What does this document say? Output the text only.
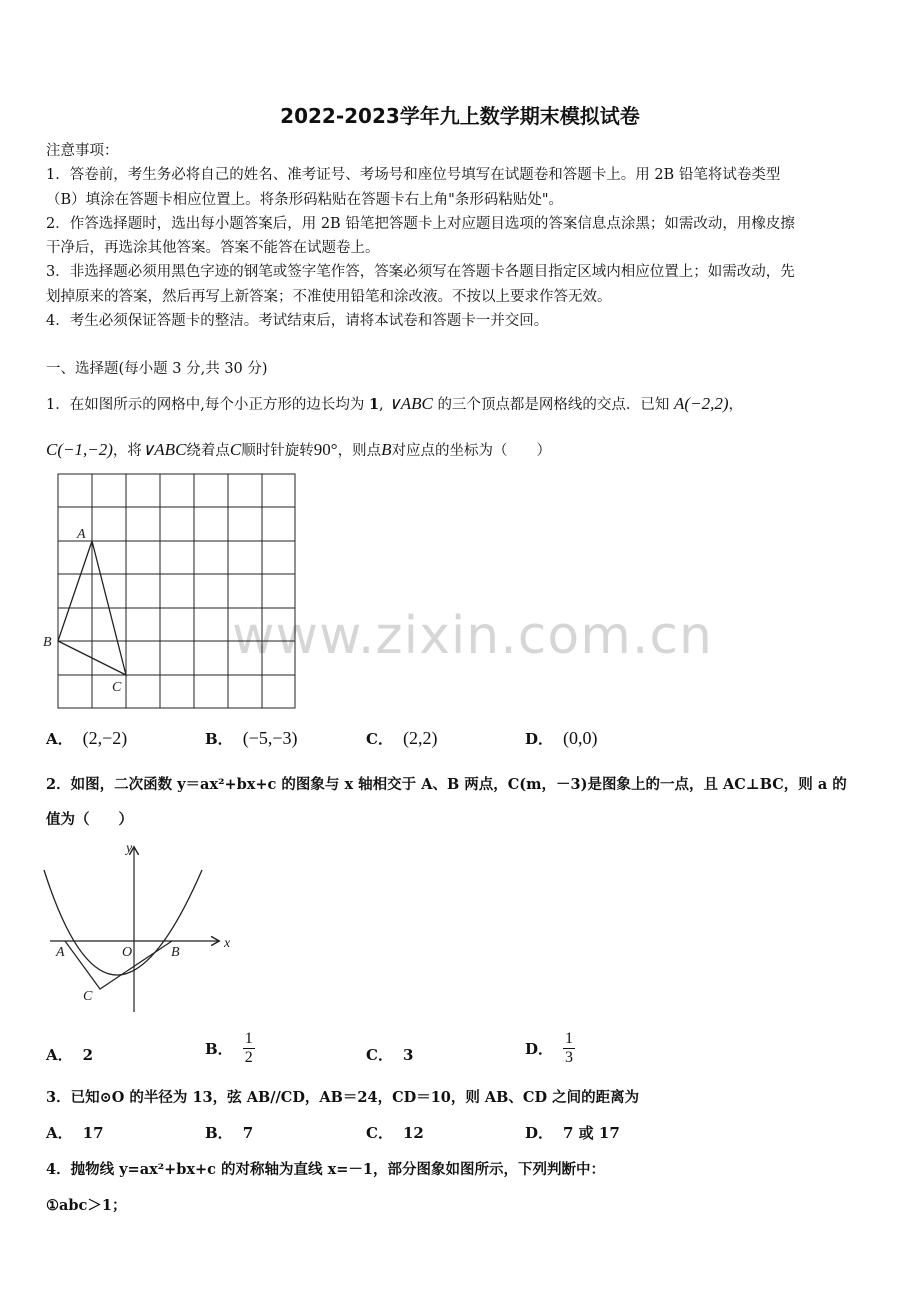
2022-2023学年九上数学期末模拟试卷
注意事项：
1．答卷前，考生务必将自己的姓名、准考证号、考场号和座位号填写在试题卷和答题卡上。用 2B 铅笔将试卷类型
（B）填涂在答题卡相应位置上。将条形码粘贴在答题卡右上角"条形码粘贴处"。
2．作答选择题时，选出每小题答案后，用 2B 铅笔把答题卡上对应题目选项的答案信息点涂黑；如需改动，用橡皮擦
干净后，再选涂其他答案。答案不能答在试题卷上。
3．非选择题必须用黑色字迹的钢笔或签字笔作答，答案必须写在答题卡各题目指定区域内相应位置上；如需改动，先
划掉原来的答案，然后再写上新答案；不准使用铅笔和涂改液。不按以上要求作答无效。
4．考生必须保证答题卡的整洁。考试结束后，请将本试卷和答题卡一并交回。
一、选择题(每小题 3 分,共 30 分)
1．在如图所示的网格中,每个小正方形的边长均为 1, ∨ABC 的三个顶点都是网格线的交点．已知 A(−2,2)，
C(−1,−2)，将∨ABC绕着点C顺时针旋转90°，则点B对应点的坐标为（　　）
A
B
C
A． (2,−2)	B． (−5,−3)	C． (2,2)	D． (0,0)
2．如图，二次函数 y＝ax²+bx+c 的图象与 x 轴相交于 A、B 两点，C(m，－3)是图象上的一点，且 AC⊥BC，则 a 的
值为（　　）
y
x
A	O	B
C
A． 2	B． $\frac{1}{2}$	C． 3	D． $\frac{1}{3}$
3．已知⊙O 的半径为 13，弦 AB//CD，AB＝24，CD＝10，则 AB、CD 之间的距离为
A． 17	B． 7	C． 12	D． 7 或 17
4．抛物线 y=ax²+bx+c 的对称轴为直线 x=－1，部分图象如图所示，下列判断中：
①abc＞1；
www.zixin.com.cn
